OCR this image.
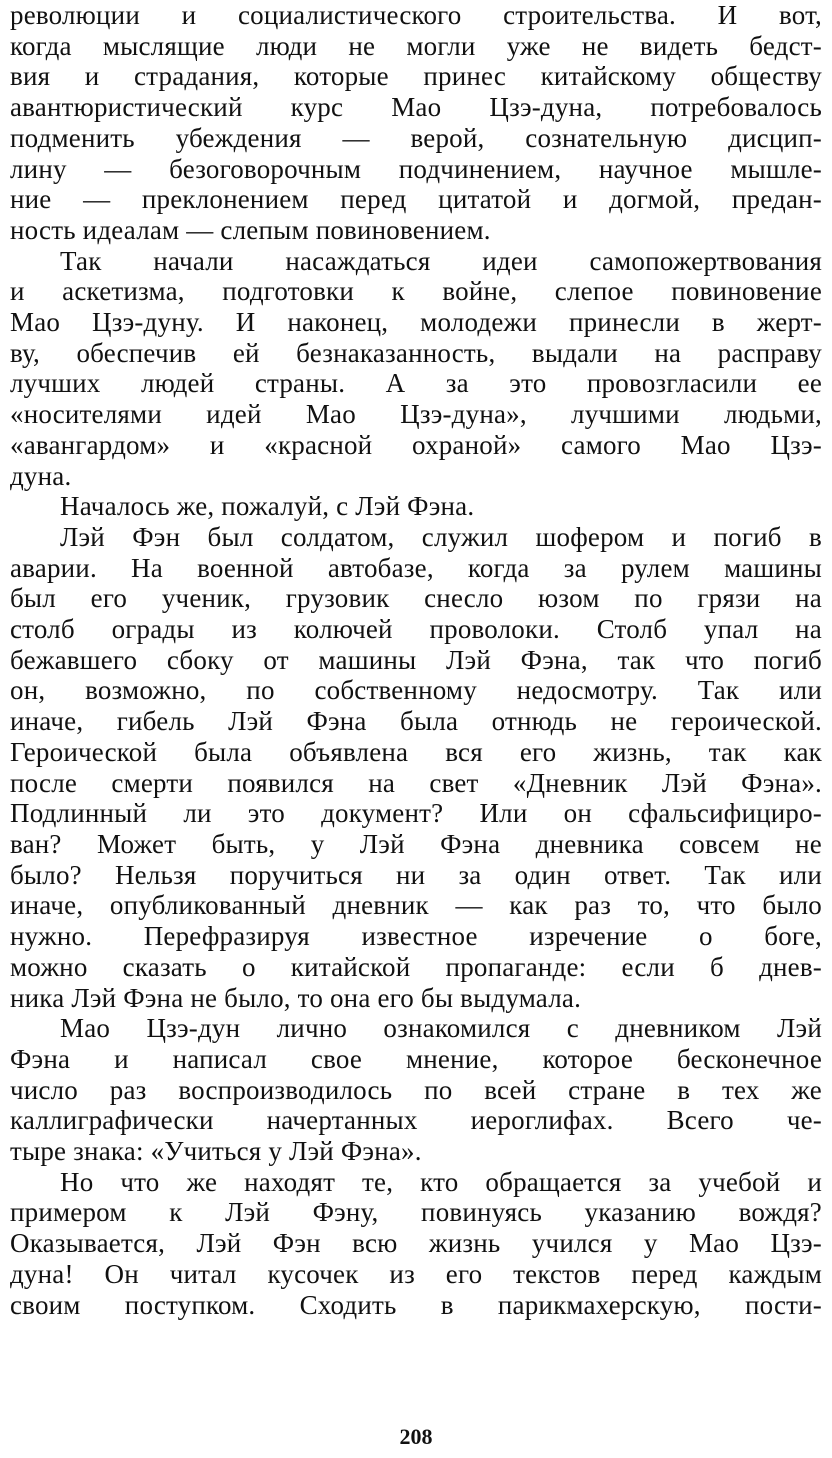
революции и социалистического строительства. И вот,
когда мыслящие люди не могли уже не видеть бедст-
вия и страдания, которые принес китайскому обществу
авантюристический курс Мао Цзэ-дуна, потребовалось
подменить убеждения — верой, сознательную дисцип-
лину — безоговорочным подчинением, научное мышле-
ние — преклонением перед цитатой и догмой, предан-
ность идеалам — слепым повиновением.
Так начали насаждаться идеи самопожертвования
и аскетизма, подготовки к войне, слепое повиновение
Мао Цзэ-дуну. И наконец, молодежи принесли в жерт-
ву, обеспечив ей безнаказанность, выдали на расправу
лучших людей страны. А за это провозгласили ее
«носителями идей Мао Цзэ-дуна», лучшими людьми,
«авангардом» и «красной охраной» самого Мао Цзэ-
дуна.
Началось же, пожалуй, с Лэй Фэна.
Лэй Фэн был солдатом, служил шофером и погиб в
аварии. На военной автобазе, когда за рулем машины
был его ученик, грузовик снесло юзом по грязи на
столб ограды из колючей проволоки. Столб упал на
бежавшего сбоку от машины Лэй Фэна, так что погиб
он, возможно, по собственному недосмотру. Так или
иначе, гибель Лэй Фэна была отнюдь не героической.
Героической была объявлена вся его жизнь, так как
после смерти появился на свет «Дневник Лэй Фэна».
Подлинный ли это документ? Или он сфальсифициро-
ван? Может быть, у Лэй Фэна дневника совсем не
было? Нельзя поручиться ни за один ответ. Так или
иначе, опубликованный дневник — как раз то, что было
нужно. Перефразируя известное изречение о боге,
можно сказать о китайской пропаганде: если б днев-
ника Лэй Фэна не было, то она его бы выдумала.
Мао Цзэ-дун лично ознакомился с дневником Лэй
Фэна и написал свое мнение, которое бесконечное
число раз воспроизводилось по всей стране в тех же
каллиграфически начертанных иероглифах. Всего че-
тыре знака: «Учиться у Лэй Фэна».
Но что же находят те, кто обращается за учебой и
примером к Лэй Фэну, повинуясь указанию вождя?
Оказывается, Лэй Фэн всю жизнь учился у Мао Цзэ-
дуна! Он читал кусочек из его текстов перед каждым
своим поступком. Сходить в парикмахерскую, пости-
208
